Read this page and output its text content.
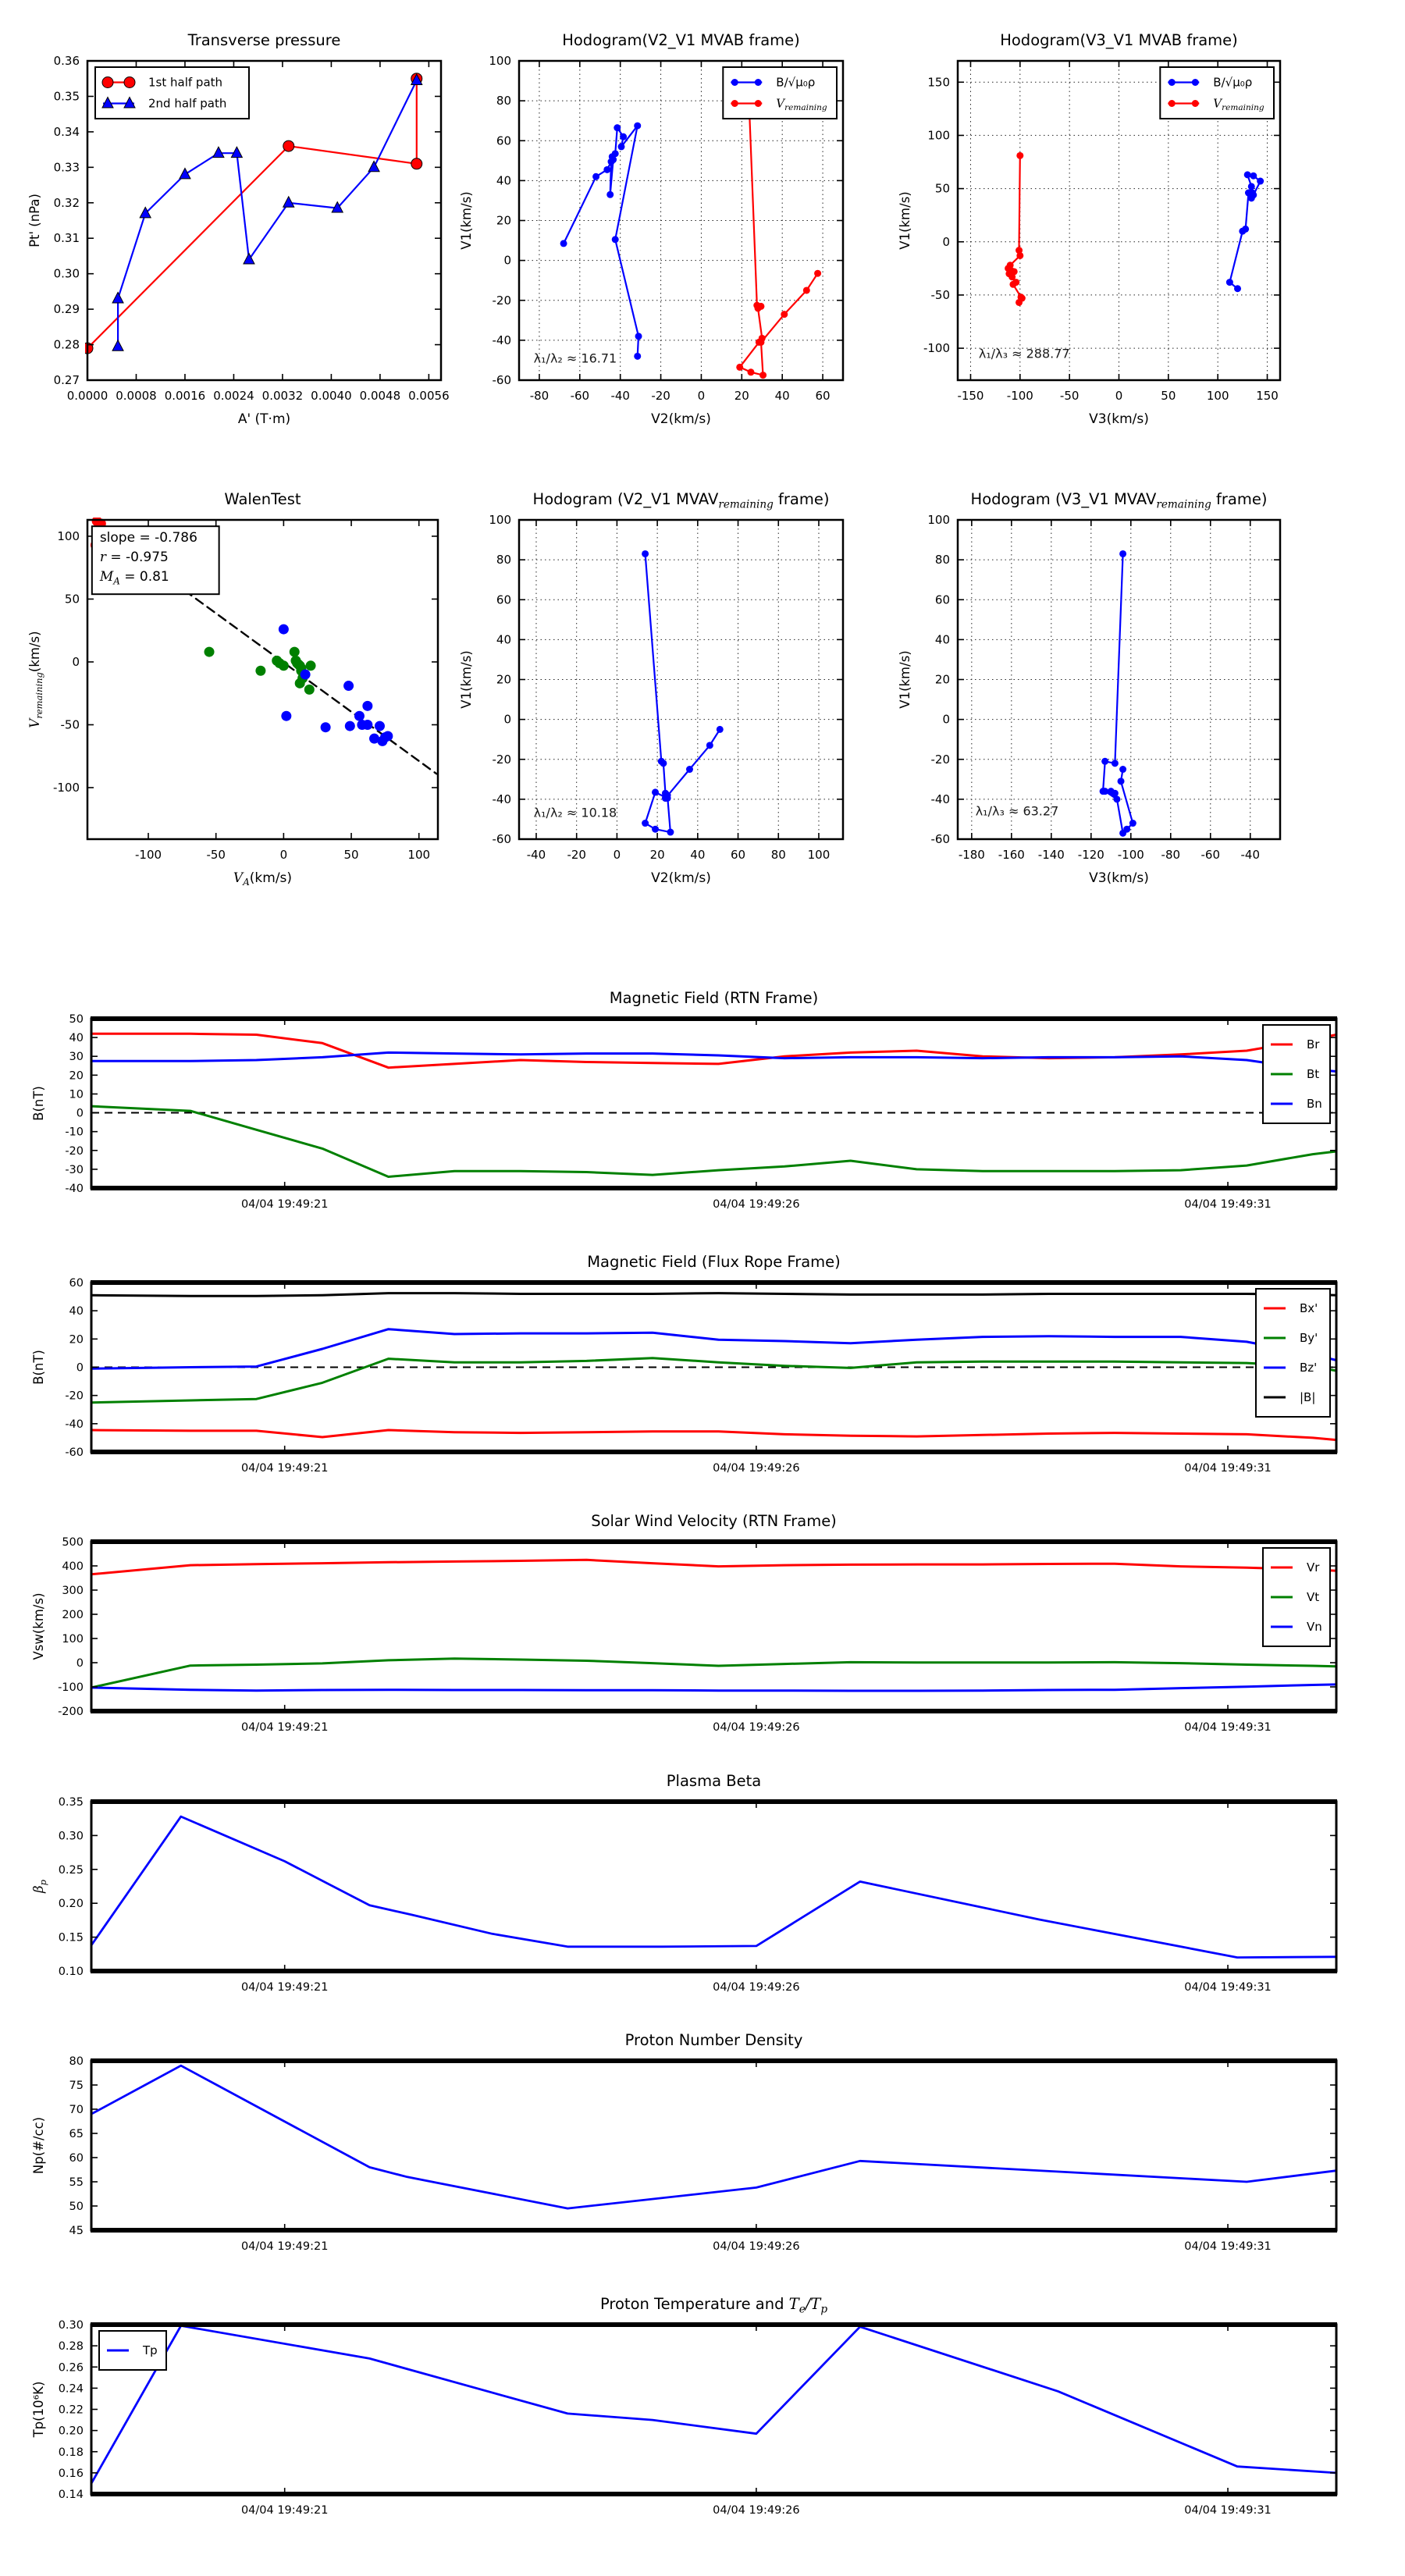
0.0000 0.0008 0.0016 0.0024 0.0032 0.0040 0.0048 0.0056
0.27
0.28
0.29
0.30
0.31
0.32
0.33
0.34
0.35
0.36
Transverse pressure
A' (T·m)
Pt' (nPa)
1st half path
2nd half path
-80 -60 -40 -20 0	20 40 60
-60
-40
-20
0
20
40
60
80
100
Hodogram(V2_V1 MVAB frame)
V2(km/s)
V1(km/s)
B/√μ₀ρ
$V_{remaining}$
λ₁/λ₂ ≈ 16.71
-150 -100 -50	0	50	100 150
-100
-50
0
50
100
150
Hodogram(V3_V1 MVAB frame)
V3(km/s)
V1(km/s)
B/√μ₀ρ
$V_{remaining}$
λ₁/λ₃ ≈ 288.77
-100	-50	0	50	100
-100
-50
0
50
100
WalenTest
$V_A(km/s)$
$V_{remaining}(km/s)$
slope = -0.786
r = -0.975
$M_A = 0.81$
-40 -20 0 20 40 60 80 100
-60
-40
-20
0
20
40
60
80
100
Hodogram (V2_V1 $MVAV_{remaining}$ frame)
V2(km/s)
V1(km/s)
λ₁/λ₂ ≈ 10.18
-180 -160 -140 -120 -100 -80 -60 -40
-60
-40
-20
0
20
40
60
80
100
Hodogram (V3_V1 $MVAV_{remaining}$ frame)
V3(km/s)
V1(km/s)
λ₁/λ₃ ≈ 63.27
04/04 19:49:21	04/04 19:49:26	04/04 19:49:31
-40
-30
-20
-10
0
10
20
30
40
50
Magnetic Field (RTN Frame)
B(nT)
Br
Bt
Bn
04/04 19:49:21	04/04 19:49:26	04/04 19:49:31
-60
-40
-20
0
20
40
60
Magnetic Field (Flux Rope Frame)
B(nT)
Bx'
By'
Bz'
|B|
04/04 19:49:21	04/04 19:49:26	04/04 19:49:31
-200
-100
0
100
200
300
400
500
Solar Wind Velocity (RTN Frame)
Vsw(km/s)
Vr
Vt
Vn
04/04 19:49:21	04/04 19:49:26	04/04 19:49:31
0.10
0.15
0.20
0.25
0.30
0.35
Plasma Beta
$\beta_p$
04/04 19:49:21	04/04 19:49:26	04/04 19:49:31
45
50
55
60
65
70
75
80
Proton Number Density
Np(#/cc)
04/04 19:49:21	04/04 19:49:26	04/04 19:49:31
0.14
0.16
0.18
0.20
0.22
0.24
0.26
0.28
0.30
Proton Temperature and $T_e/T_p$
Tp(10⁶K)
Tp
